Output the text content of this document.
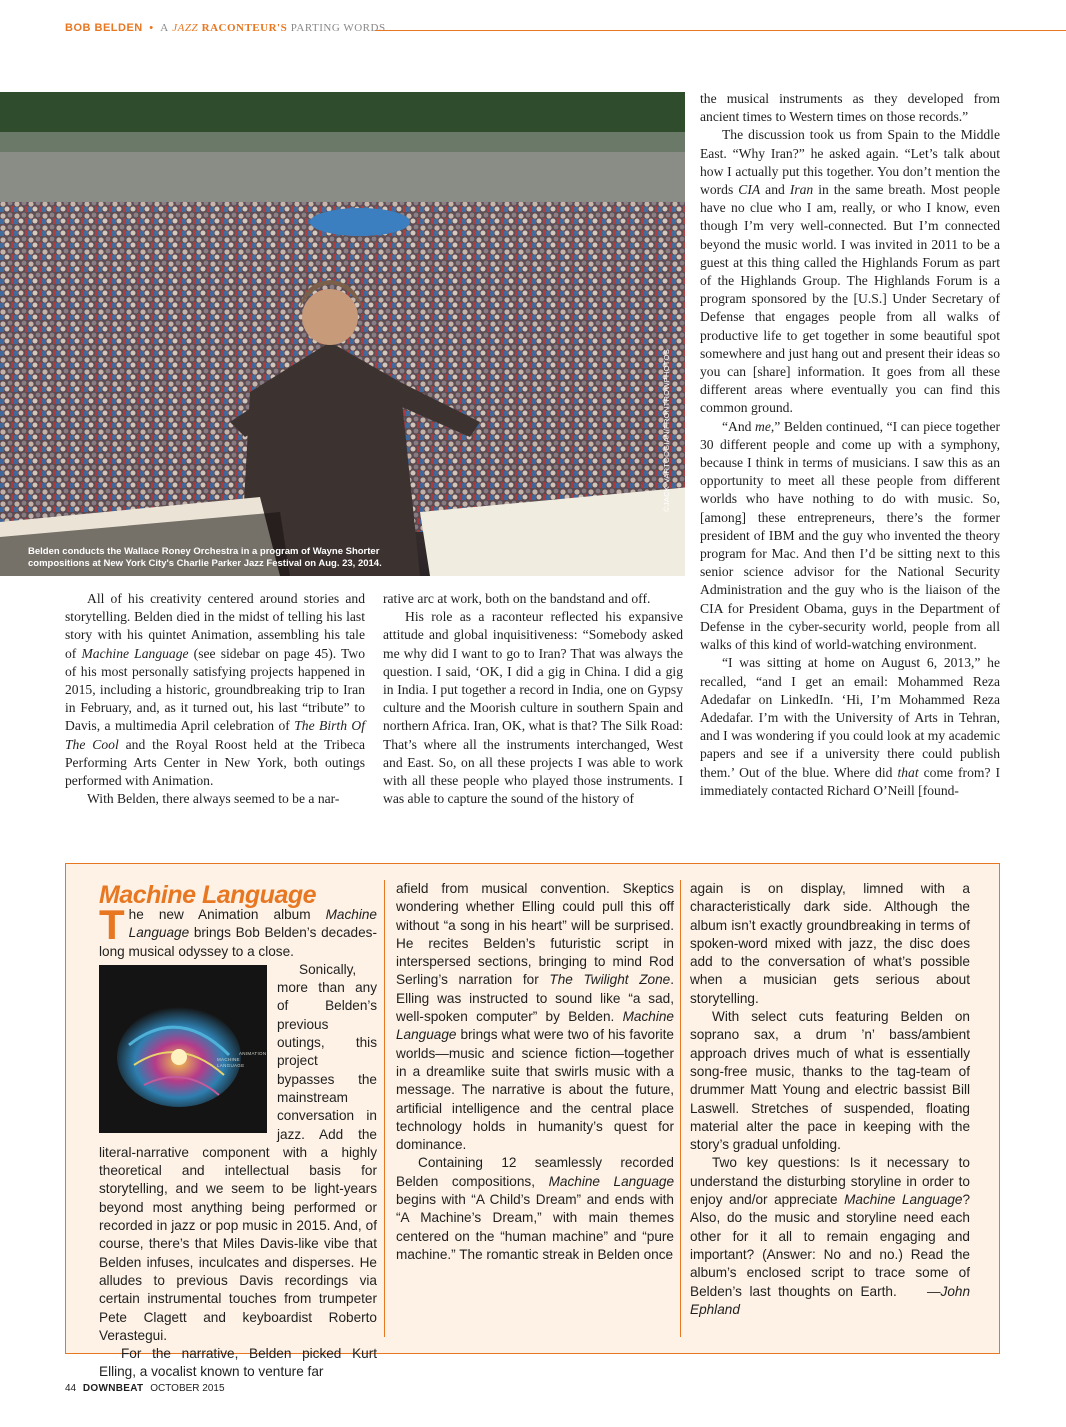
BOB BELDEN • A JAZZ RACONTEUR'S PARTING WORDS
Belden conducts the Wallace Roney Orchestra in a program of Wayne Shorter compositions at New York City's Charlie Parker Jazz Festival on Aug. 23, 2014.
©JACK VARTOOGIAN/FRONTROWPHOTOS

All of his creativity centered around stories and storytelling. Belden died in the midst of telling his last story with his quintet Animation, assembling his tale of Machine Language (see sidebar on page 45). Two of his most personally satisfying projects happened in 2015, including a historic, groundbreaking trip to Iran in February, and, as it turned out, his last “tribute” to Davis, a multimedia April celebration of The Birth Of The Cool and the Royal Roost held at the Tribeca Performing Arts Center in New York, both outings performed with Animation.

With Belden, there always seemed to be a nar-

rative arc at work, both on the bandstand and off.

His role as a raconteur reflected his expansive attitude and global inquisitiveness: “Somebody asked me why did I want to go to Iran? That was always the question. I said, ‘OK, I did a gig in China. I did a gig in India. I put together a record in India, one on Gypsy culture and the Moorish culture in southern Spain and northern Africa. Iran, OK, what is that? The Silk Road: That’s where all the instruments interchanged, West and East. So, on all these projects I was able to work with all these people who played those instruments. I was able to capture the sound of the history of

the musical instruments as they developed from ancient times to Western times on those records.”

The discussion took us from Spain to the Middle East. “Why Iran?” he asked again. “Let’s talk about how I actually put this together. You don’t mention the words CIA and Iran in the same breath. Most people have no clue who I am, really, or who I know, even though I’m very well-connected. But I’m connected beyond the music world. I was invited in 2011 to be a guest at this thing called the Highlands Forum as part of the Highlands Group. The Highlands Forum is a program sponsored by the [U.S.] Under Secretary of Defense that engages people from all walks of productive life to get together in some beautiful spot somewhere and just hang out and present their ideas so you can [share] information. It goes from all these different areas where eventually you can find this common ground.

“And me,” Belden continued, “I can piece together 30 different people and come up with a symphony, because I think in terms of musicians. I saw this as an opportunity to meet all these people from different worlds who have nothing to do with music. So, [among] these entrepreneurs, there’s the former president of IBM and the guy who invented the theory program for Mac. And then I’d be sitting next to this senior science advisor for the National Security Administration and the guy who is the liaison of the CIA for President Obama, guys in the Department of Defense in the cyber-security world, people from all walks of this kind of world-watching environment.

“I was sitting at home on August 6, 2013,” he recalled, “and I get an email: Mohammed Reza Adedafar on LinkedIn. ‘Hi, I’m Mohammed Reza Adedafar. I’m with the University of Arts in Tehran, and I was wondering if you could look at my academic papers and see if a university there could publish them.’ Out of the blue. Where did that come from? I immediately contacted Richard O’Neill [found-

Machine Language

The new Animation album Machine Language brings Bob Belden’s decades-long musical odyssey to a close.

ANIMATION MACHINE LANGUAGE
Sonically, more than any of Belden’s previous outings, this project bypasses the mainstream conversation in jazz. Add the literal-narrative component with a highly theoretical and intellectual basis for storytelling, and we seem to be light-years beyond most anything being performed or recorded in jazz or pop music in 2015. And, of course, there’s that Miles Davis-like vibe that Belden infuses, inculcates and disperses. He alludes to previous Davis recordings via certain instrumental touches from trumpeter Pete Clagett and keyboardist Roberto Verastegui.

For the narrative, Belden picked Kurt Elling, a vocalist known to venture far

afield from musical convention. Skeptics wondering whether Elling could pull this off without “a song in his heart” will be surprised. He recites Belden’s futuristic script in interspersed sections, bringing to mind Rod Serling’s narration for The Twilight Zone. Elling was instructed to sound like “a sad, well-spoken computer” by Belden. Machine Language brings what were two of his favorite worlds—music and science fiction—together in a dreamlike suite that swirls music with a message. The narrative is about the future, artificial intelligence and the central place technology holds in humanity’s quest for dominance.

Containing 12 seamlessly recorded Belden compositions, Machine Language begins with “A Child’s Dream” and ends with “A Machine’s Dream,” with main themes centered on the “human machine” and “pure machine.” The romantic streak in Belden once

again is on display, limned with a characteristically dark side. Although the album isn’t exactly groundbreaking in terms of spoken-word mixed with jazz, the disc does add to the conversation of what’s possible when a musician gets serious about storytelling.

With select cuts featuring Belden on soprano sax, a drum ’n’ bass/ambient approach drives much of what is essentially song-free music, thanks to the tag-team of drummer Matt Young and electric bassist Bill Laswell. Stretches of suspended, floating material alter the pace in keeping with the story’s gradual unfolding.

Two key questions: Is it necessary to understand the disturbing storyline in order to enjoy and/or appreciate Machine Language? Also, do the music and storyline need each other for it all to remain engaging and important? (Answer: No and no.) Read the album’s enclosed script to trace some of Belden’s last thoughts on Earth. —John Ephland

44 DOWNBEAT OCTOBER 2015
